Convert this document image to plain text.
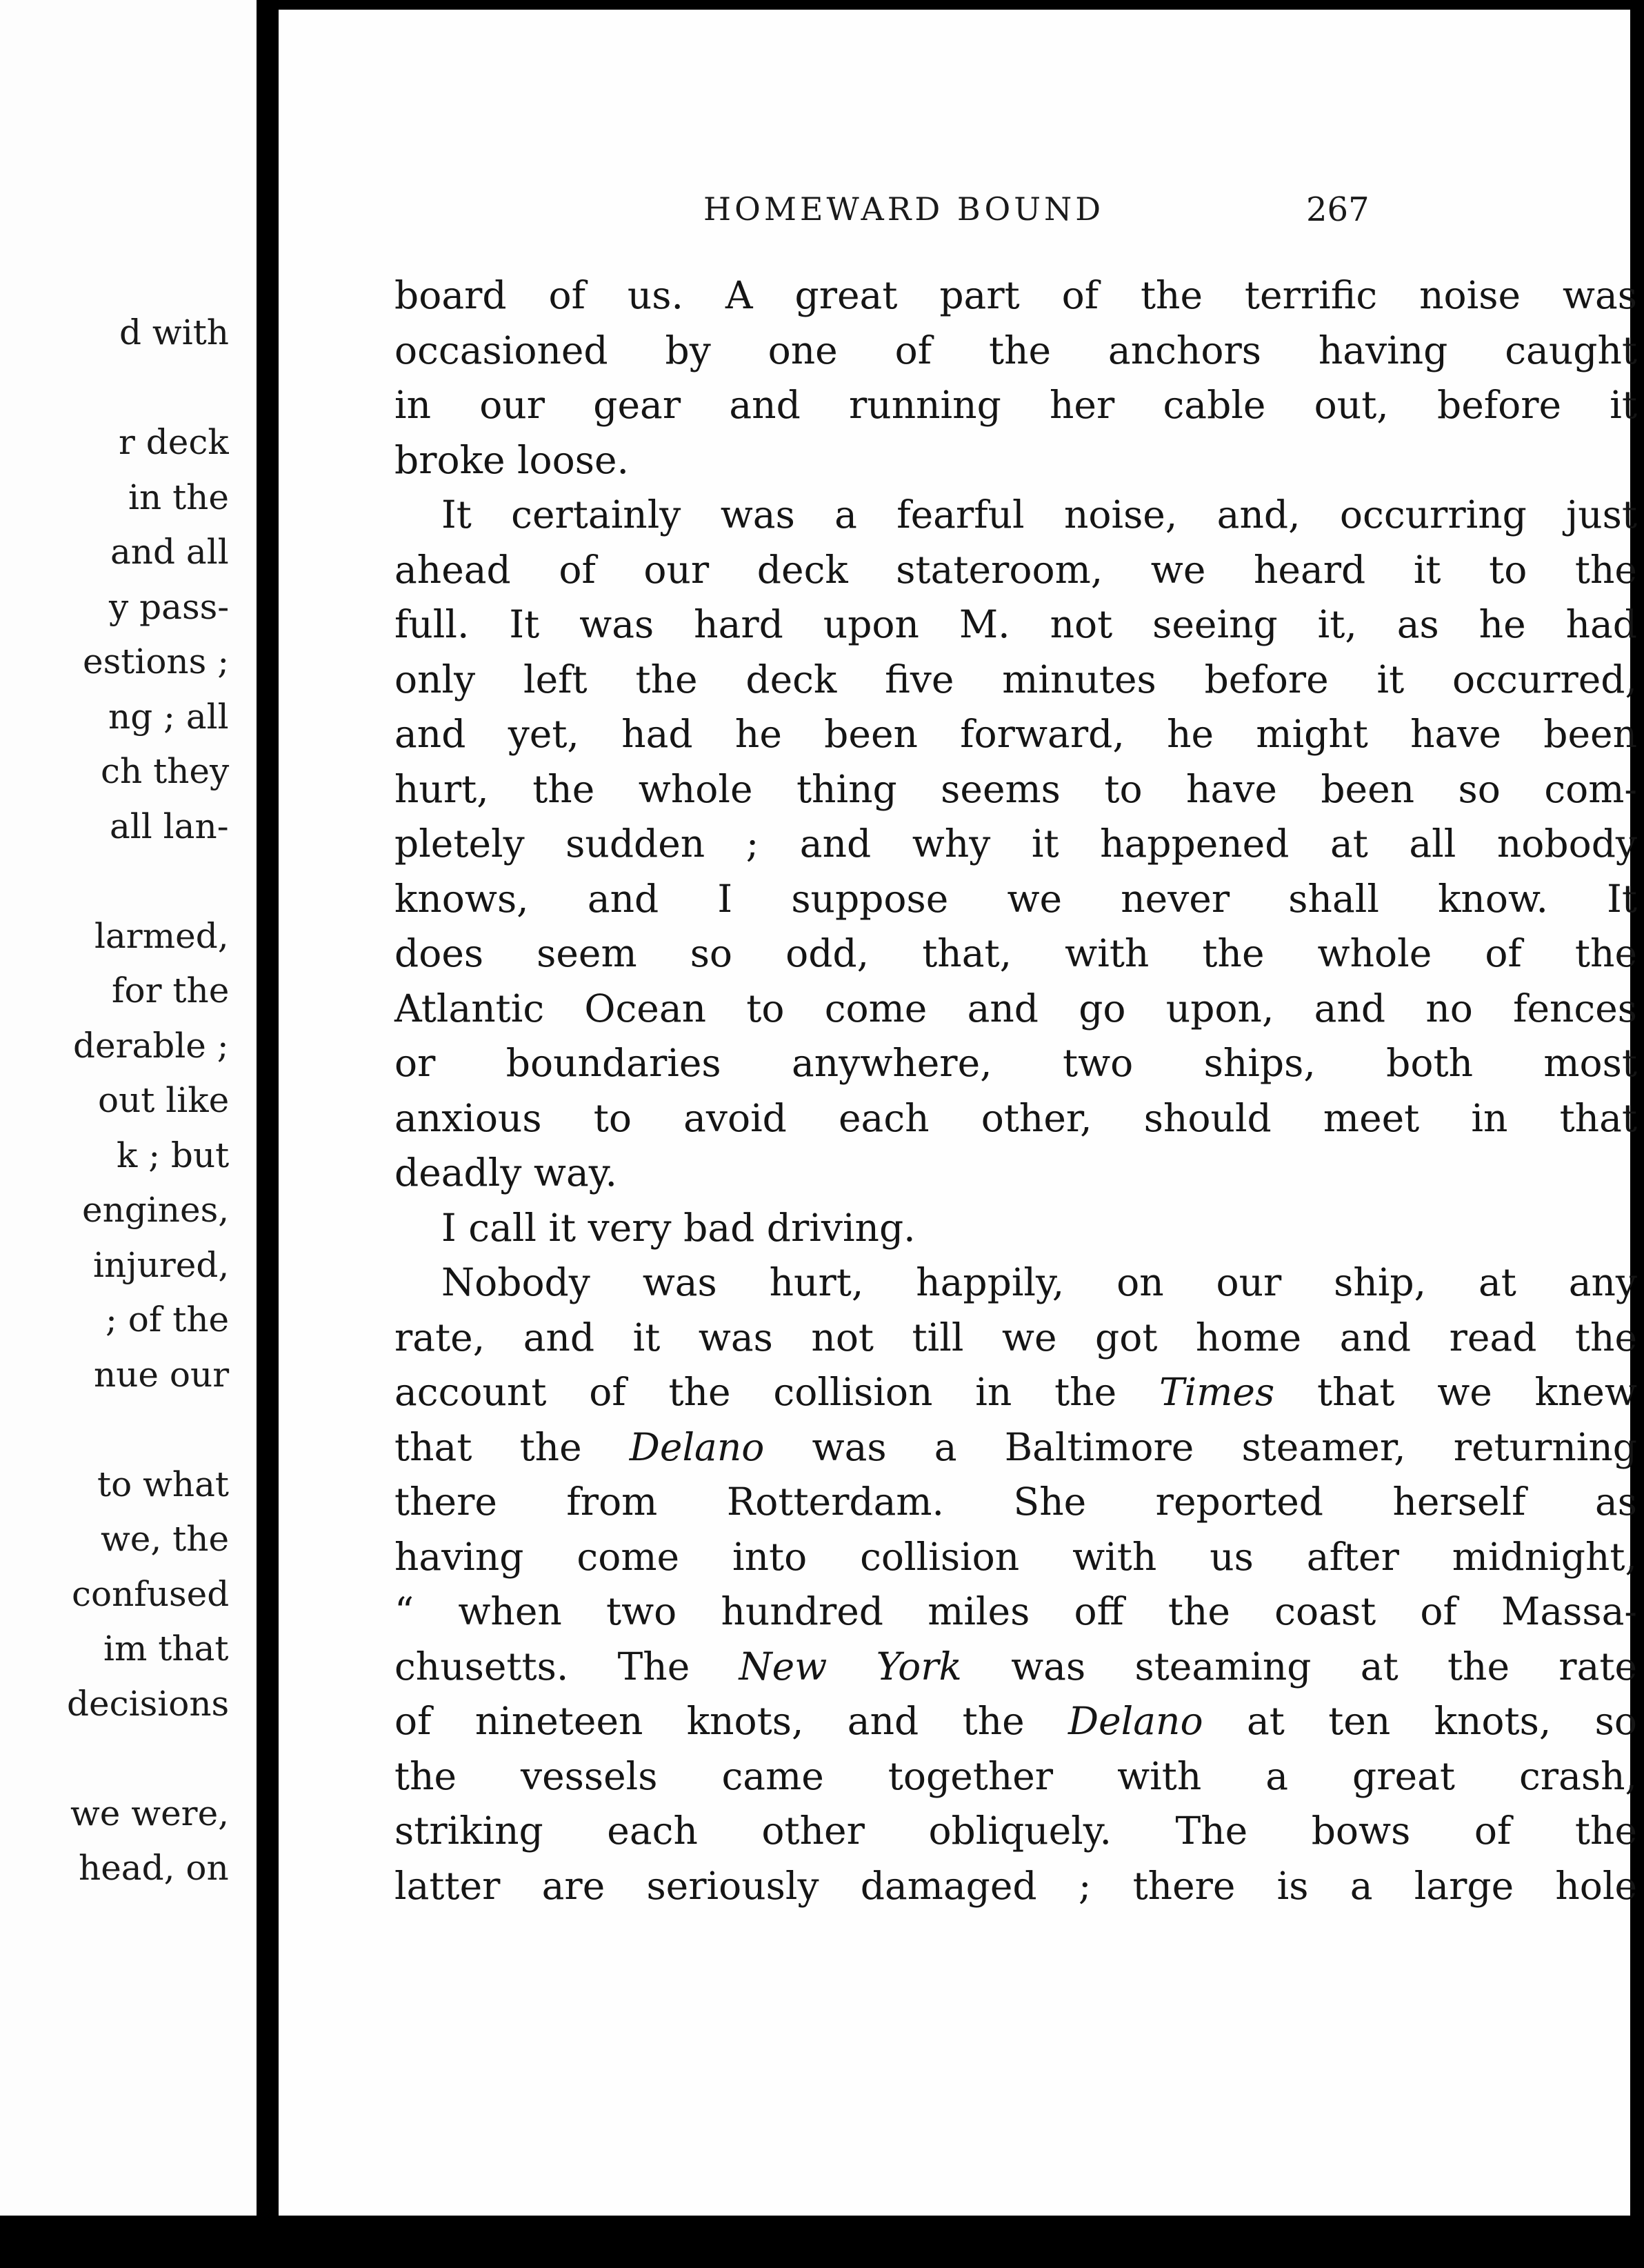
d with
r deck
in the
and all
y pass-
estions ;
ng ; all
ch they
all lan-
larmed,
for the
derable ;
out like
k ; but
engines,
injured,
; of the
nue our
to what
we, the
confused
im that
decisions
we were,
head, on
HOMEWARD BOUND	267
board of us. A great part of the terrific noise was
occasioned by one of the anchors having caught
in our gear and running her cable out, before it
broke loose.
It certainly was a fearful noise, and, occurring just
ahead of our deck stateroom, we heard it to the
full. It was hard upon M. not seeing it, as he had
only left the deck five minutes before it occurred,
and yet, had he been forward, he might have been
hurt, the whole thing seems to have been so com-
pletely sudden ; and why it happened at all nobody
knows, and I suppose we never shall know. It
does seem so odd, that, with the whole of the
Atlantic Ocean to come and go upon, and no fences
or boundaries anywhere, two ships, both most
anxious to avoid each other, should meet in that
deadly way.
I call it very bad driving.
Nobody was hurt, happily, on our ship, at any
rate, and it was not till we got home and read the
account of the collision in the Times that we knew
that the Delano was a Baltimore steamer, returning
there from Rotterdam. She reported herself as
having come into collision with us after midnight,
“ when two hundred miles off the coast of Massa-
chusetts. The New York was steaming at the rate
of nineteen knots, and the Delano at ten knots, so
the vessels came together with a great crash,
striking each other obliquely. The bows of the
latter are seriously damaged ; there is a large hole
